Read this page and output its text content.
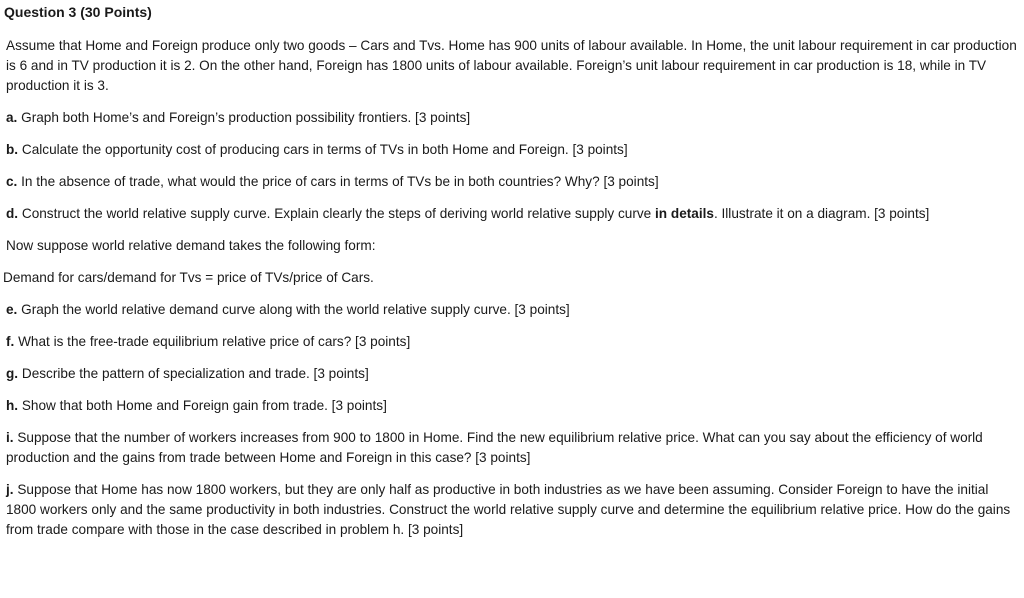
Question 3 (30 Points)
Assume that Home and Foreign produce only two goods – Cars and Tvs. Home has 900 units of labour available. In Home, the unit labour requirement in car production is 6 and in TV production it is 2. On the other hand, Foreign has 1800 units of labour available. Foreign’s unit labour requirement in car production is 18, while in TV production it is 3.
a. Graph both Home’s and Foreign’s production possibility frontiers. [3 points]
b. Calculate the opportunity cost of producing cars in terms of TVs in both Home and Foreign. [3 points]
c. In the absence of trade, what would the price of cars in terms of TVs be in both countries? Why? [3 points]
d. Construct the world relative supply curve. Explain clearly the steps of deriving world relative supply curve in details. Illustrate it on a diagram. [3 points]
Now suppose world relative demand takes the following form:
Demand for cars/demand for Tvs = price of TVs/price of Cars.
e. Graph the world relative demand curve along with the world relative supply curve. [3 points]
f. What is the free-trade equilibrium relative price of cars? [3 points]
g. Describe the pattern of specialization and trade. [3 points]
h. Show that both Home and Foreign gain from trade. [3 points]
i. Suppose that the number of workers increases from 900 to 1800 in Home. Find the new equilibrium relative price. What can you say about the efficiency of world production and the gains from trade between Home and Foreign in this case? [3 points]
j. Suppose that Home has now 1800 workers, but they are only half as productive in both industries as we have been assuming. Consider Foreign to have the initial 1800 workers only and the same productivity in both industries. Construct the world relative supply curve and determine the equilibrium relative price. How do the gains from trade compare with those in the case described in problem h. [3 points]
